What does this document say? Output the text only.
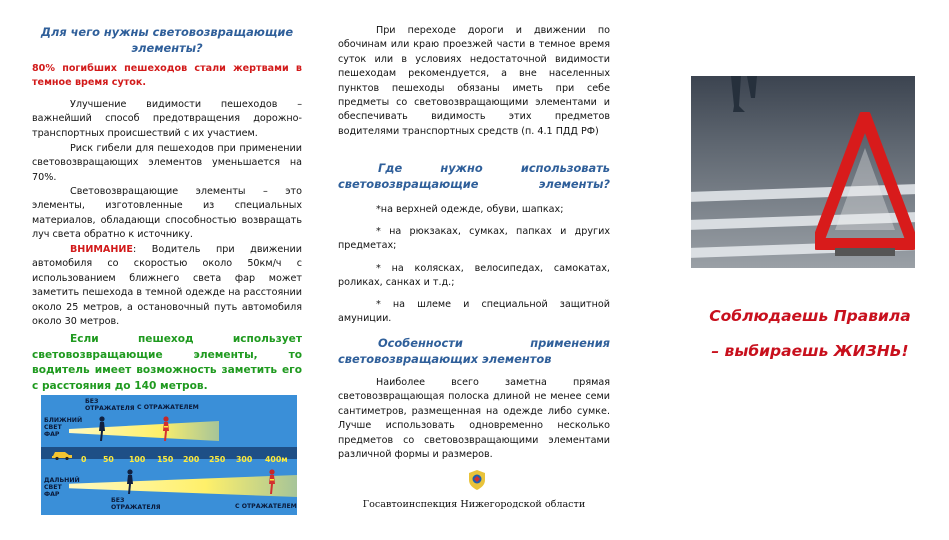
Для чего нужны световозвращающие элементы?

80% погибших пешеходов стали жертвами в темное время суток.

Улучшение видимости пешеходов – важнейший способ предотвращения дорожно-транспортных происшествий с их участием.

Риск гибели для пешеходов при применении световозвращающих элементов уменьшается на 70%.

Световозвращающие элементы – это элементы, изготовленные из специальных материалов, обладающи способностью возвращать луч света обратно к источнику.

ВНИМАНИЕ: Водитель при движении автомобиля со скоростью около 50км/ч с использованием ближнего света фар может заметить пешехода в темной одежде на расстоянии около 25 метров, а остановочный путь автомобиля около 30 метров.

Если пешеход использует световозвращающие элементы, то водитель имеет возможность заметить его с расстояния до 140 метров.

БЕЗ ОТРАЖАТЕЛЯ С ОТРАЖАТЕЛЕМ
БЛИЖНИЙ СВЕТ ФАР
0 50 100 150 200 250 300 400м
ДАЛЬНИЙ СВЕТ ФАР
БЕЗ ОТРАЖАТЕЛЯ	С ОТРАЖАТЕЛЕМ

При переходе дороги и движении по обочинам или краю проезжей части в темное время суток или в условиях недостаточной видимости пешеходам рекомендуется, а вне населенных пунктов пешеходы обязаны иметь при себе предметы со световозвращающими элементами и обеспечивать видимость этих предметов водителями транспортных средств (п. 4.1 ПДД РФ)

Где нужно использовать световозвращающие элементы?

*на верхней одежде, обуви, шапках;

* на рюкзаках, сумках, папках и других предметах;

* на колясках, велосипедах, самокатах, роликах, санках и т.д.;

* на шлеме и специальной защитной амуниции.

Особенности применения световозвращающих элементов

Наиболее всего заметна прямая световозвращающая полоска длиной не менее семи сантиметров, размещенная на одежде либо сумке. Лучше использовать одновременно несколько предметов со световозвращающими элементами различной формы и размеров.

Госавтоинспекция Нижегородской области
Соблюдаешь Правила
– выбираешь ЖИЗНЬ!
